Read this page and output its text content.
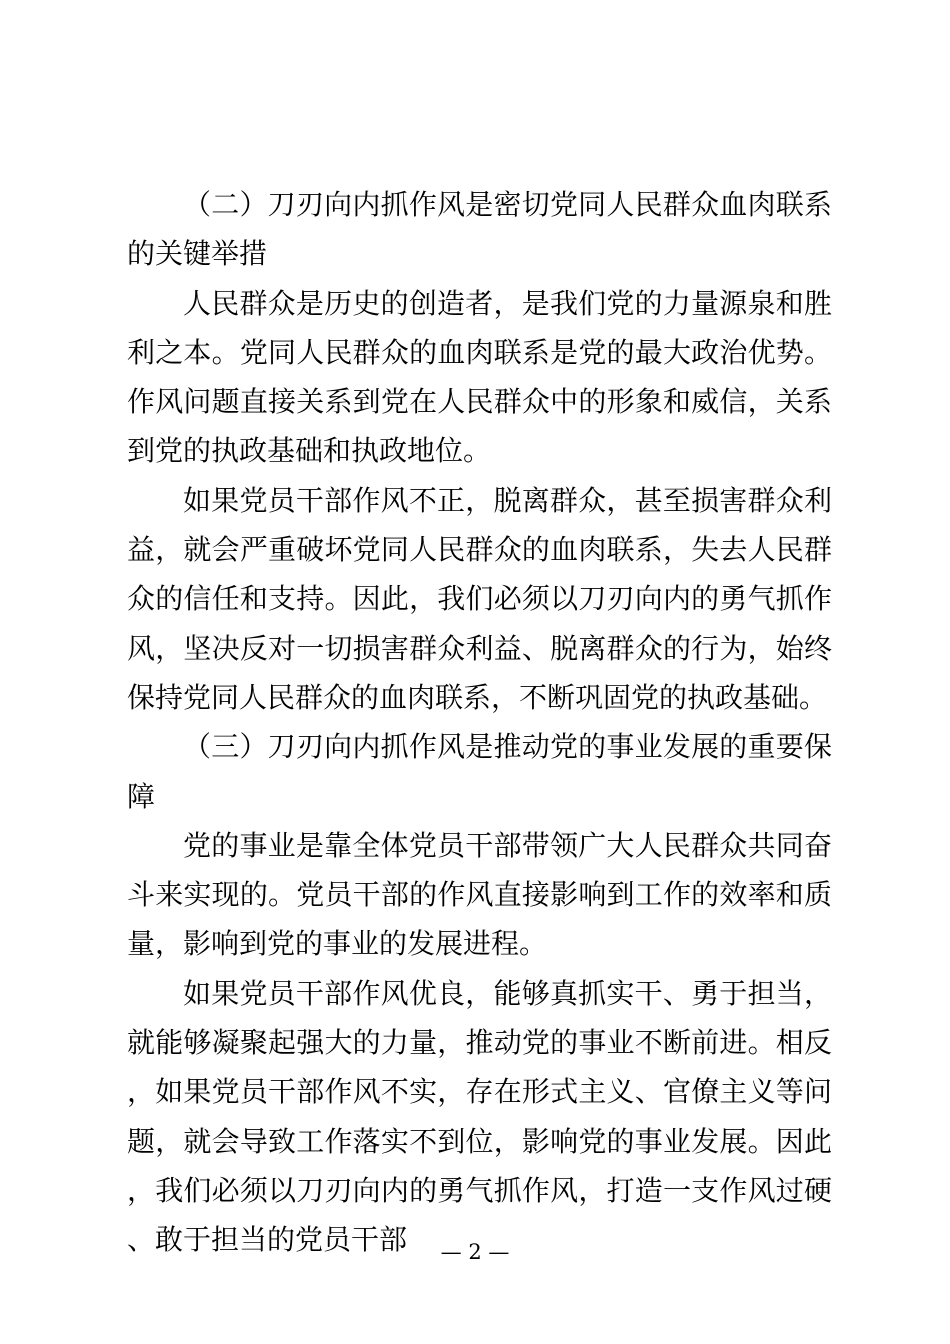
（二）刀刃向内抓作风是密切党同人民群众血肉联系的关键举措

人民群众是历史的创造者，是我们党的力量源泉和胜利之本。党同人民群众的血肉联系是党的最大政治优势。作风问题直接关系到党在人民群众中的形象和威信，关系到党的执政基础和执政地位。

如果党员干部作风不正，脱离群众，甚至损害群众利益，就会严重破坏党同人民群众的血肉联系，失去人民群众的信任和支持。因此，我们必须以刀刃向内的勇气抓作风，坚决反对一切损害群众利益、脱离群众的行为，始终保持党同人民群众的血肉联系，不断巩固党的执政基础。

（三）刀刃向内抓作风是推动党的事业发展的重要保障

党的事业是靠全体党员干部带领广大人民群众共同奋斗来实现的。党员干部的作风直接影响到工作的效率和质量，影响到党的事业的发展进程。

如果党员干部作风优良，能够真抓实干、勇于担当，就能够凝聚起强大的力量，推动党的事业不断前进。相反，如果党员干部作风不实，存在形式主义、官僚主义等问题，就会导致工作落实不到位，影响党的事业发展。因此，我们必须以刀刃向内的勇气抓作风，打造一支作风过硬、敢于担当的党员干部	— 2 —
